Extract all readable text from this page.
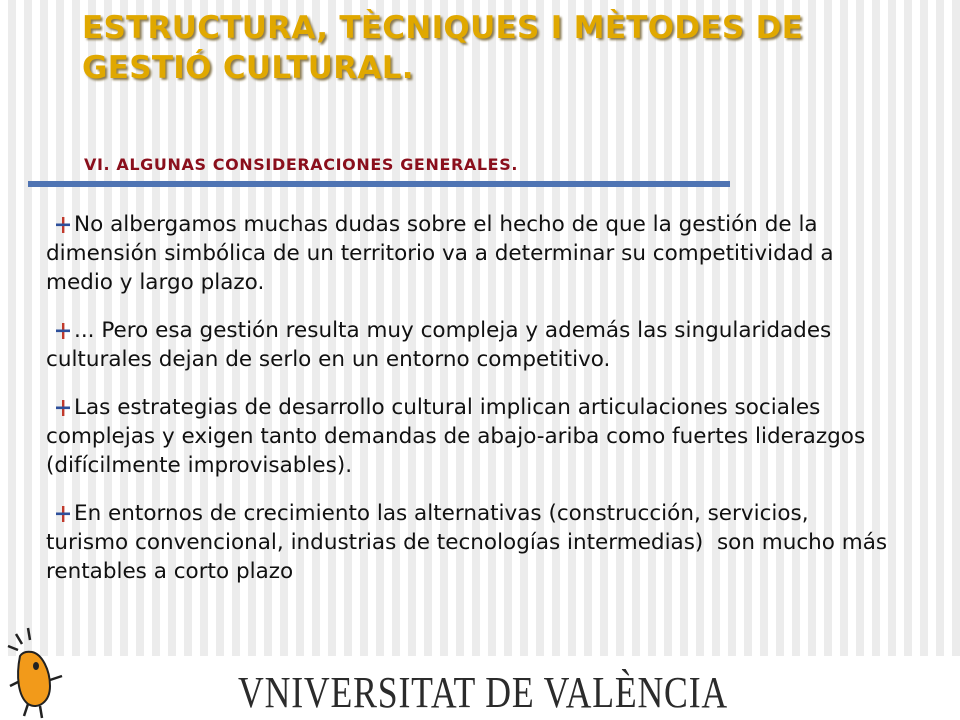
ESTRUCTURA, TÈCNIQUES I MÈTODES DE
GESTIÓ CULTURAL.
VI. ALGUNAS CONSIDERACIONES GENERALES.
No albergamos muchas dudas sobre el hecho de que la gestión de la dimensión simbólica de un territorio va a determinar su competitividad a medio y largo plazo.
... Pero esa gestión resulta muy compleja y además las singularidades culturales dejan de serlo en un entorno competitivo.
Las estrategias de desarrollo cultural implican articulaciones sociales complejas y exigen tanto demandas de abajo-ariba como fuertes liderazgos (difícilmente improvisables).
En entornos de crecimiento las alternativas (construcción, servicios, turismo convencional, industrias de tecnologías intermedias)  son mucho más rentables a corto plazo
VNIVERSITAT DE VALÈNCIA
